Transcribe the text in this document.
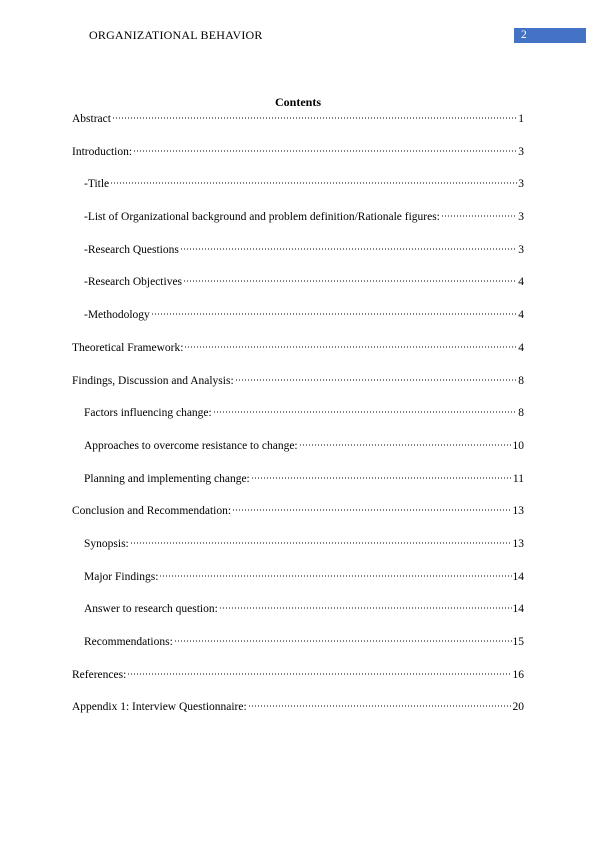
ORGANIZATIONAL BEHAVIOR	2
Contents
Abstract	1
Introduction:	3
-Title	3
-List of Organizational background and problem definition/Rationale figures:	3
-Research Questions	3
-Research Objectives	4
-Methodology	4
Theoretical Framework:	4
Findings, Discussion and Analysis:	8
Factors influencing change:	8
Approaches to overcome resistance to change:	10
Planning and implementing change:	11
Conclusion and Recommendation:	13
Synopsis:	13
Major Findings:	14
Answer to research question:	14
Recommendations:	15
References:	16
Appendix 1: Interview Questionnaire:	20
